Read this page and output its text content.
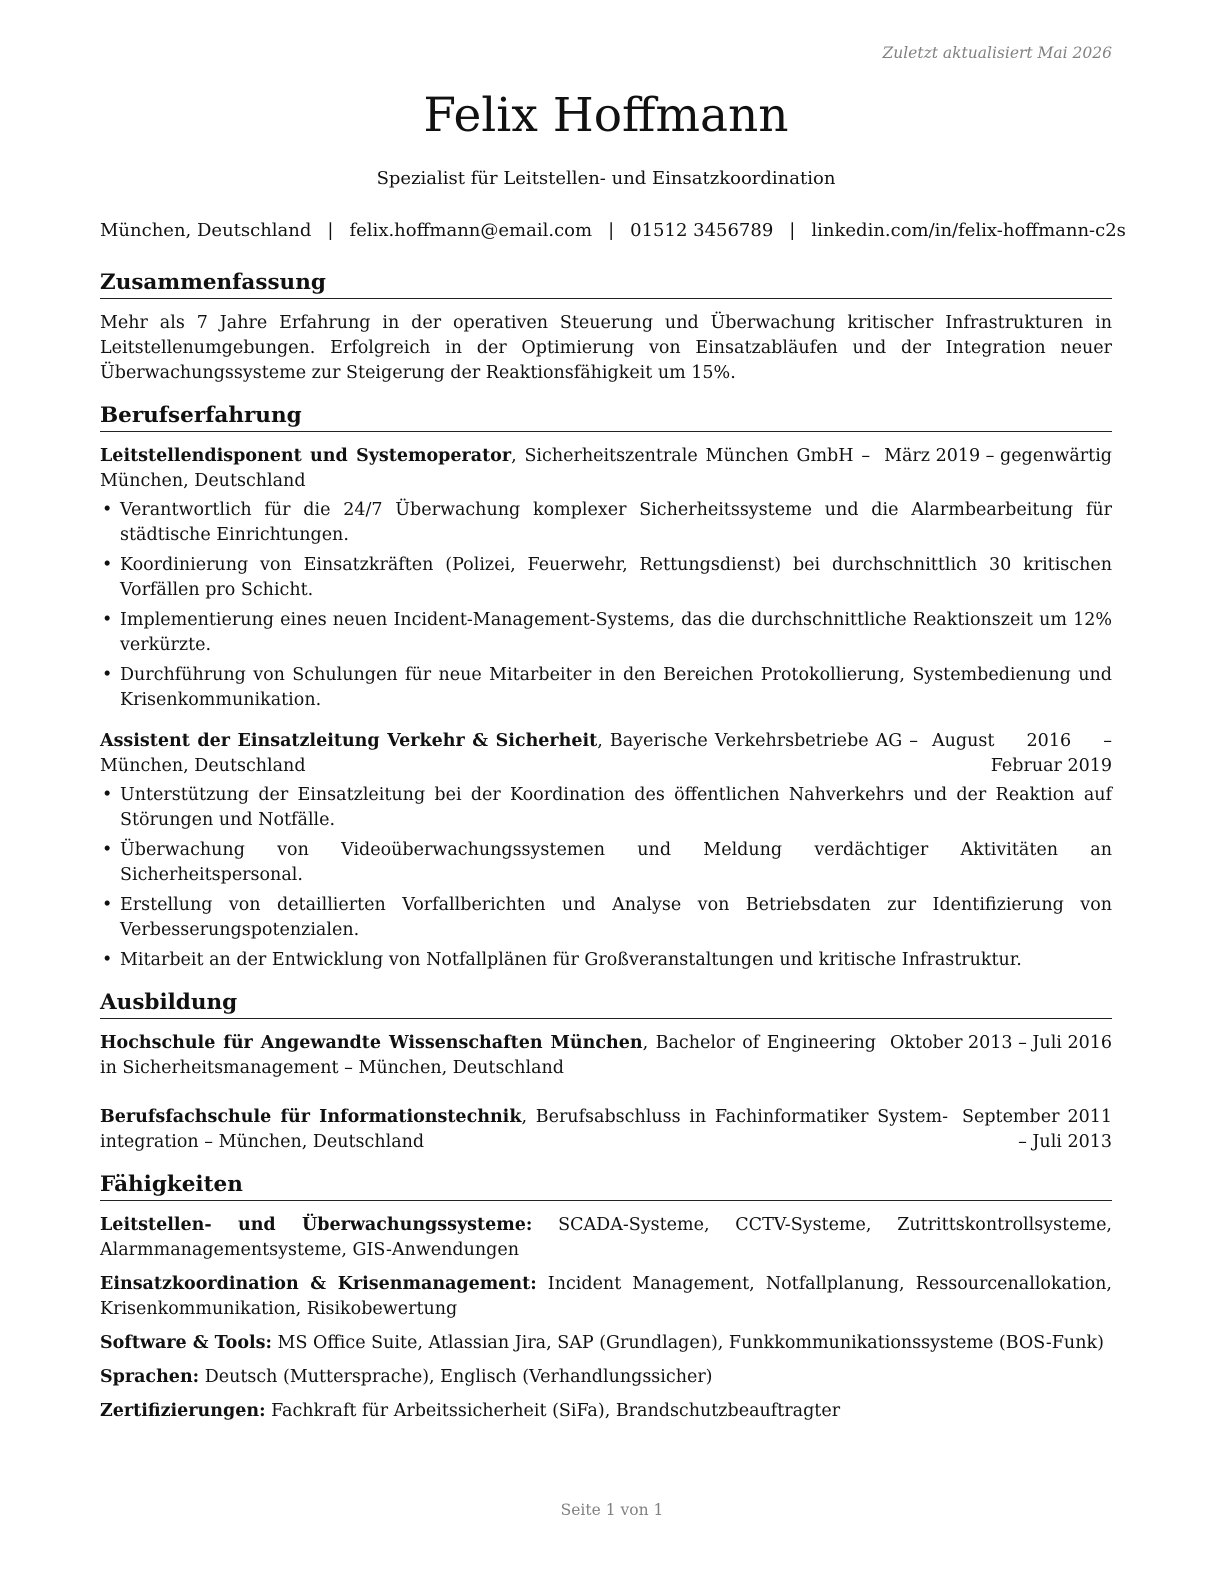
Zuletzt aktualisiert Mai 2026
Felix Hoffmann
Spezialist für Leitstellen- und Einsatzkoordination
München, Deutschland | felix.hoffmann@email.com | 01512 3456789 | linkedin.com/in/felix-hoffmann-c2s
Zusammenfassung

Mehr als 7 Jahre Erfahrung in der operativen Steuerung und Überwachung kritischer Infrastrukturen in Leitstellenumgebungen. Erfolgreich in der Optimierung von Einsatzabläufen und der Integration neuer Überwachungssysteme zur Steigerung der Reaktionsfähigkeit um 15%.

Berufserfahrung
Leitstellendisponent und Systemoperator, Sicherheitszentrale München GmbH – München, Deutschland
März 2019 – gegenwärtig
• Verantwortlich für die 24/7 Überwachung komplexer Sicherheitssysteme und die Alarmbearbeitung für städtische Einrichtungen.
• Koordinierung von Einsatzkräften (Polizei, Feuerwehr, Rettungsdienst) bei durchschnittlich 30 kritischen Vorfällen pro Schicht.
• Implementierung eines neuen Incident-Management-Systems, das die durchschnittliche Reaktionszeit um 12% verkürzte.
• Durchführung von Schulungen für neue Mitarbeiter in den Bereichen Protokollierung, Systembedienung und Krisenkommunikation.
Assistent der Einsatzleitung Verkehr & Sicherheit, Bayerische Verkehrsbetriebe AG – München, Deutschland
August 2016 – Februar 2019
• Unterstützung der Einsatzleitung bei der Koordination des öffentlichen Nahverkehrs und der Reaktion auf Störungen und Notfälle.
• Überwachung von Videoüberwachungssystemen und Meldung verdächtiger Aktivitäten an Sicherheitspersonal.
• Erstellung von detaillierten Vorfallberichten und Analyse von Betriebsdaten zur Identifizierung von Verbesserungspotenzialen.
• Mitarbeit an der Entwicklung von Notfallplänen für Großveranstaltungen und kritische Infrastruktur.
Ausbildung
Hochschule für Angewandte Wissenschaften München, Bachelor of Engineering in Sicherheitsmanagement – München, Deutschland
Oktober 2013 – Juli 2016
Berufsfachschule für Informationstechnik, Berufsabschluss in Fachinformatiker Systemintegration – München, Deutschland
September 2011 – Juli 2013
Fähigkeiten
Leitstellen- und Überwachungssysteme: SCADA-Systeme, CCTV-Systeme, Zutrittskontrollsysteme, Alarmmanagementsysteme, GIS-Anwendungen
Einsatzkoordination & Krisenmanagement: Incident Management, Notfallplanung, Ressourcenallokation, Krisenkommunikation, Risikobewertung
Software & Tools: MS Office Suite, Atlassian Jira, SAP (Grundlagen), Funkkommunikationssysteme (BOS-Funk)
Sprachen: Deutsch (Muttersprache), Englisch (Verhandlungssicher)
Zertifizierungen: Fachkraft für Arbeitssicherheit (SiFa), Brandschutzbeauftragter
Seite 1 von 1
